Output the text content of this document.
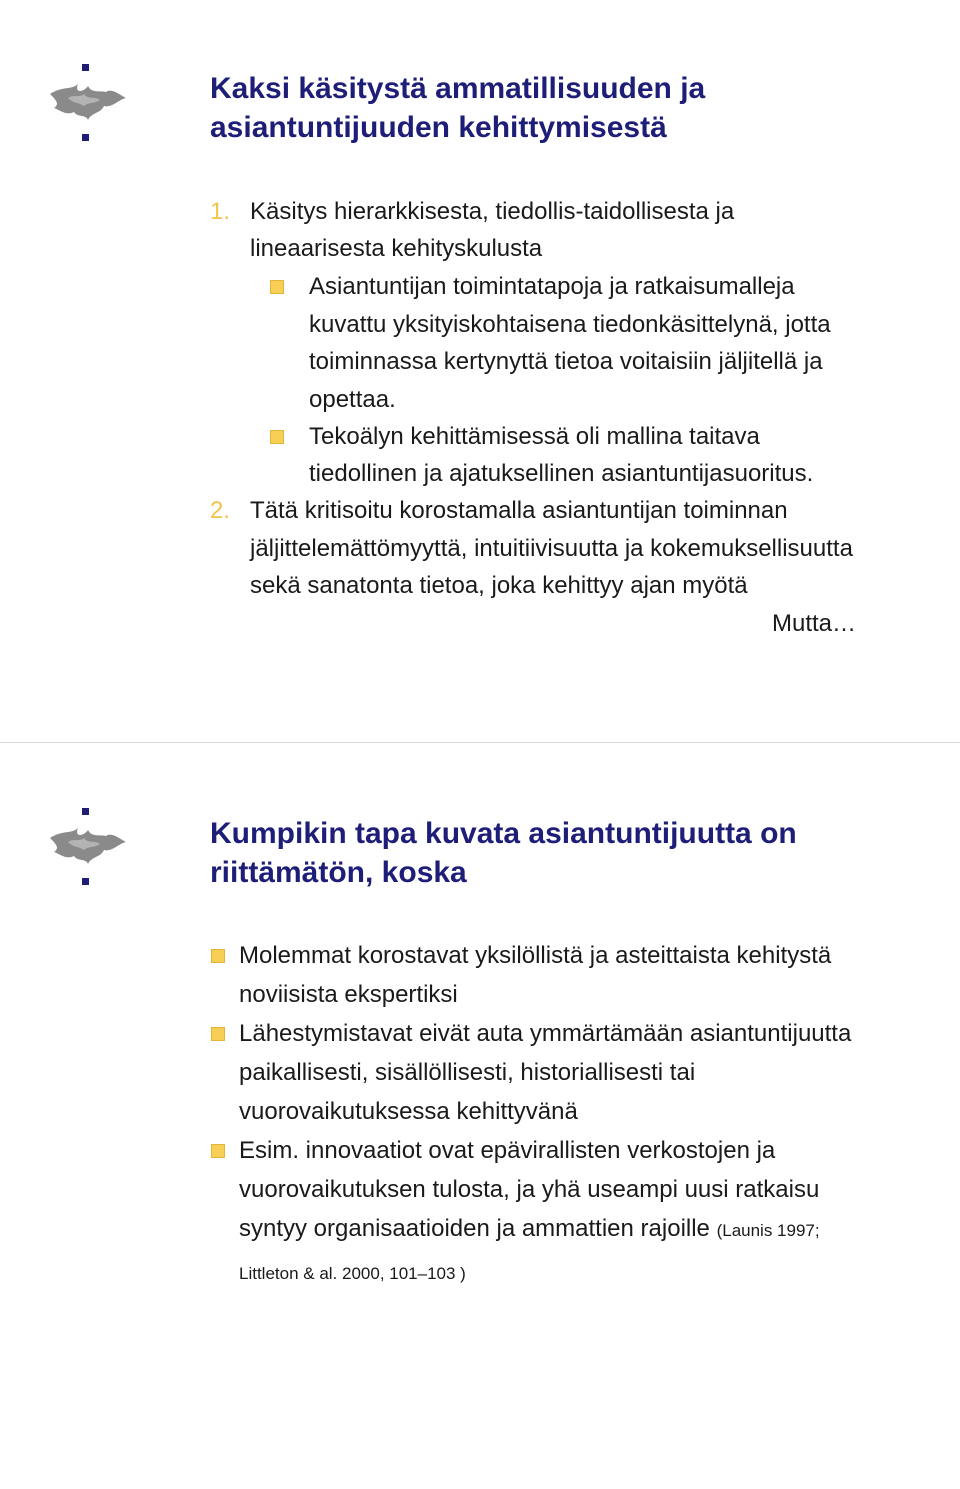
Kaksi käsitystä ammatillisuuden ja
asiantuntijuuden kehittymisestä
1. Käsitys hierarkkisesta, tiedollis-taidollisesta ja
lineaarisesta kehityskulusta
Asiantuntijan toimintatapoja ja ratkaisumalleja
kuvattu yksityiskohtaisena tiedonkäsittelynä, jotta
toiminnassa kertynyttä tietoa voitaisiin jäljitellä ja
opettaa.
Tekoälyn kehittämisessä oli mallina taitava
tiedollinen ja ajatuksellinen asiantuntijasuoritus.
2. Tätä kritisoitu korostamalla asiantuntijan toiminnan
jäljittelemättömyyttä, intuitiivisuutta ja kokemuksellisuutta
sekä sanatonta tietoa, joka kehittyy ajan myötä
Mutta…
Kumpikin tapa kuvata asiantuntijuutta on
riittämätön, koska
Molemmat korostavat yksilöllistä ja asteittaista kehitystä
noviisista ekspertiksi
Lähestymistavat eivät auta ymmärtämään asiantuntijuutta
paikallisesti, sisällöllisesti, historiallisesti tai
vuorovaikutuksessa kehittyvänä
Esim. innovaatiot ovat epävirallisten verkostojen ja
vuorovaikutuksen tulosta, ja yhä useampi uusi ratkaisu
syntyy organisaatioiden ja ammattien rajoille (Launis 1997;
Littleton & al. 2000, 101–103 )
